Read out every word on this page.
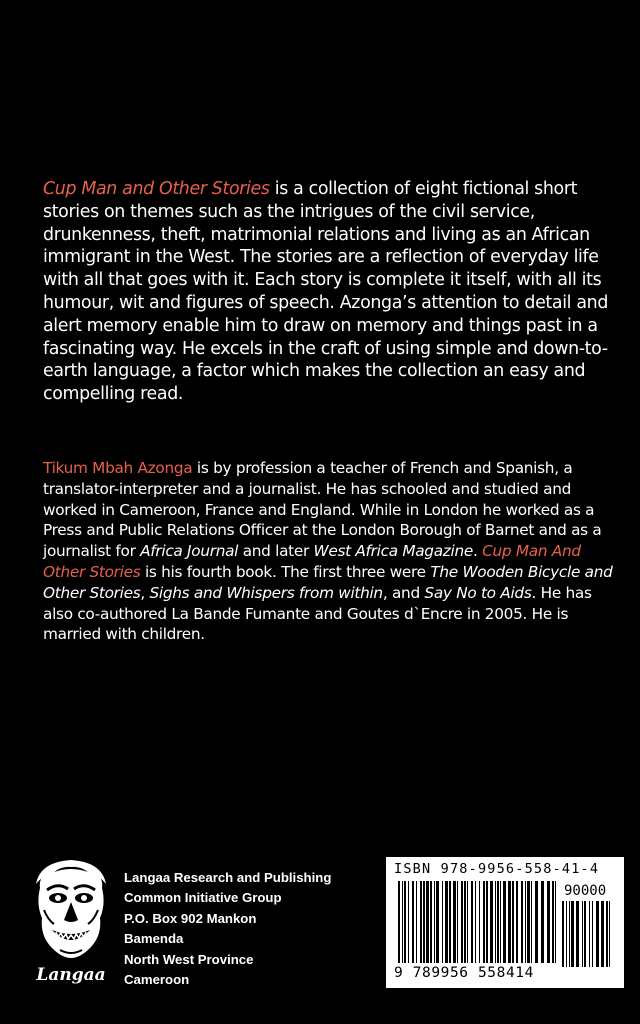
Cup Man and Other Stories is a collection of eight fictional short stories on themes such as the intrigues of the civil service, drunkenness, theft, matrimonial relations and living as an African immigrant in the West. The stories are a reflection of everyday life with all that goes with it. Each story is complete it itself, with all its humour, wit and figures of speech. Azonga’s attention to detail and alert memory enable him to draw on memory and things past in a fascinating way. He excels in the craft of using simple and down-to-earth language, a factor which makes the collection an easy and compelling read.

Tikum Mbah Azonga is by profession a teacher of French and Spanish, a translator-interpreter and a journalist. He has schooled and studied and worked in Cameroon, France and England. While in London he worked as a Press and Public Relations Officer at the London Borough of Barnet and as a journalist for Africa Journal and later West Africa Magazine. Cup Man And Other Stories is his fourth book. The first three were The Wooden Bicycle and Other Stories, Sighs and Whispers from within, and Say No to Aids. He has also co-authored La Bande Fumante and Goutes d`Encre in 2005. He is married with children.

Langaa
Langaa Research and Publishing
Common Initiative Group
P.O. Box 902 Mankon
Bamenda
North West Province
Cameroon
ISBN 978-9956-558-41-4
90000
9 789956 558414
